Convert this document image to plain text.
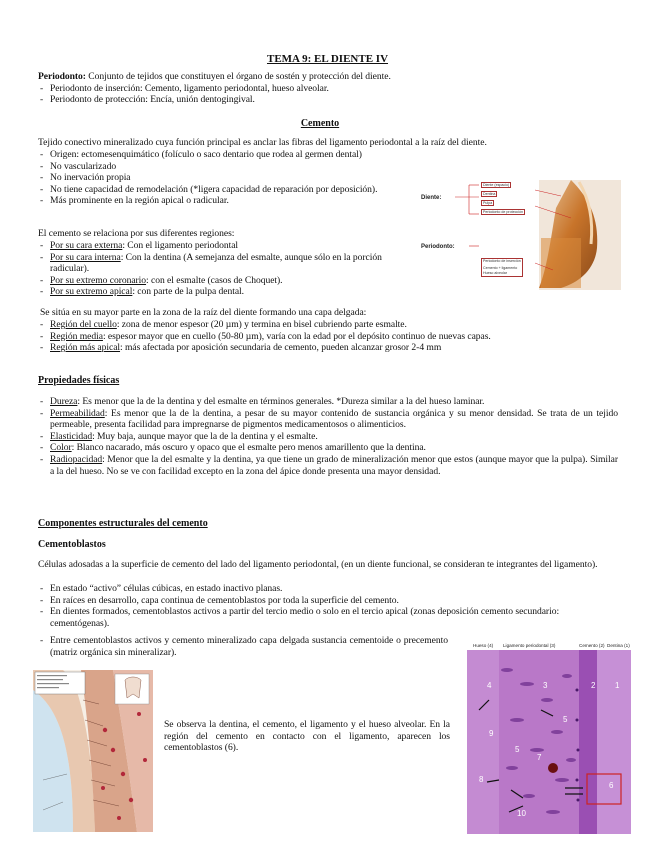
TEMA 9: EL DIENTE IV
Periodonto: Conjunto de tejidos que constituyen el órgano de sostén y protección del diente.
- Periodonto de inserción: Cemento, ligamento periodontal, hueso alveolar.
- Periodonto de protección: Encía, unión dentogingival.
Cemento
Tejido conectivo mineralizado cuya función principal es anclar las fibras del ligamento periodontal a la raíz del diente.
- Origen: ectomesenquimático (folículo o saco dentario que rodea al germen dental)
- No vascularizado
- No inervación propia
- No tiene capacidad de remodelación (*ligera capacidad de reparación por deposición).
- Más prominente en la región apical o radicular.
El cemento se relaciona por sus diferentes regiones:
- Por su cara externa: Con el ligamento periodontal
- Por su cara interna: Con la dentina (A semejanza del esmalte, aunque sólo en la porción radicular).
- Por su extremo coronario: con el esmalte (casos de Choquet).
- Por su extremo apical: con parte de la pulpa dental.
Se sitúa en su mayor parte en la zona de la raíz del diente formando una capa delgada:
- Región del cuello: zona de menor espesor (20 µm) y termina en bisel cubriendo parte esmalte.
- Región media: espesor mayor que en cuello (50-80 µm), varía con la edad por el depósito continuo de nuevas capas.
- Región más apical: más afectada por aposición secundaria de cemento, pueden alcanzar grosor 2-4 mm
Diente:
Periodonto:
Diente (espacio)
Dentina
Pulpa
Periodonto de protección
Periodonto de inserción
Cemento + ligamento
Hueso alveolar
Propiedades físicas
- Dureza: Es menor que la de la dentina y del esmalte en términos generales. *Dureza similar a la del hueso laminar.
- Permeabilidad: Es menor que la de la dentina, a pesar de su mayor contenido de sustancia orgánica y su menor densidad. Se trata de un tejido permeable, presenta facilidad para impregnarse de pigmentos medicamentosos o alimenticios.
- Elasticidad: Muy baja, aunque mayor que la de la dentina y el esmalte.
- Color: Blanco nacarado, más oscuro y opaco que el esmalte pero menos amarillento que la dentina.
- Radiopacidad: Menor que la del esmalte y la dentina, ya que tiene un grado de mineralización menor que estos (aunque mayor que la pulpa). Similar a la del hueso. No se ve con facilidad excepto en la zona del ápice donde presenta una mayor densidad.
Componentes estructurales del cemento
Cementoblastos
Células adosadas a la superficie de cemento del lado del ligamento periodontal, (en un diente funcional, se consideran te integrantes del ligamento).
- En estado “activo” células cúbicas, en estado inactivo planas.
- En raíces en desarrollo, capa continua de cementoblastos por toda la superficie del cemento.
- En dientes formados, cementoblastos activos a partir del tercio medio o solo en el tercio apical (zonas deposición cemento secundario: cementógenas).
- Entre cementoblastos activos y cemento mineralizado capa delgada sustancia cementoide o precemento (matriz orgánica sin mineralizar).
Se observa la dentina, el cemento, el ligamento y el hueso alveolar. En la región del cemento en contacto con el ligamento, aparecen los cementoblastos (6).
Hueso (4) Ligamento periodontal (3)	Cemento (2) Dentina (1)
4	3	2 1
5
7
8
6
10
9
5
